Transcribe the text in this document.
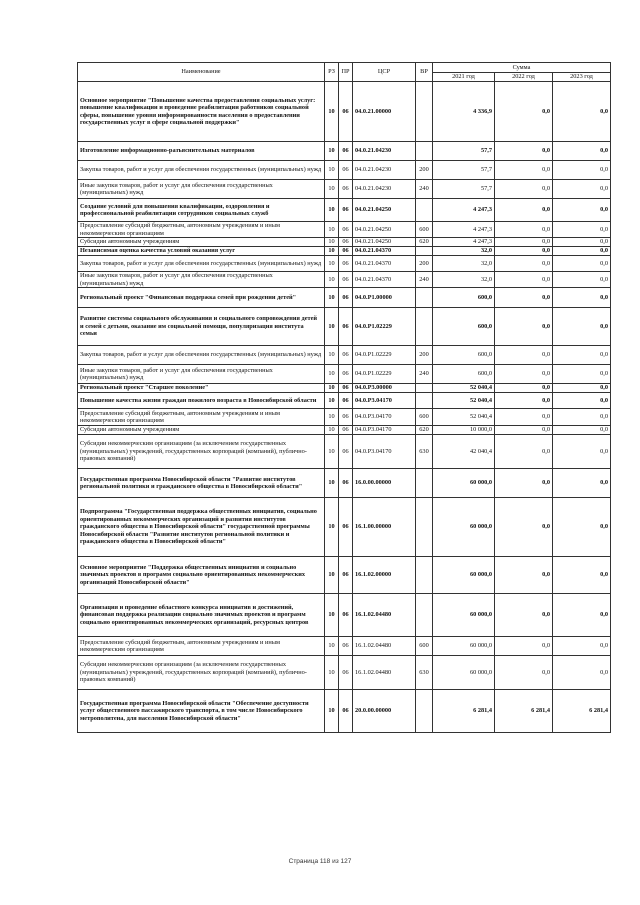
Наименование	РЗ	ПР	ЦСР	ВР	Сумма		
					2021 год	2022 год	2023 год
Основное мероприятие "Повышение качества предоставления социальных услуг: повышение квалификации и проведение реабилитации работников социальной сферы, повышение уровня информированности населения о предоставлении государственных услуг в сфере социальной поддержки"	10	06	04.0.21.00000		4 336,9	0,0	0,0
Изготовление информационно-разъяснительных материалов	10	06	04.0.21.04230		57,7	0,0	0,0
Закупка товаров, работ и услуг для обеспечения государственных (муниципальных) нужд	10	06	04.0.21.04230	200	57,7	0,0	0,0
Иные закупки товаров, работ и услуг для обеспечения государственных (муниципальных) нужд	10	06	04.0.21.04230	240	57,7	0,0	0,0
Создание условий для повышения квалификации, оздоровления и профессиональной реабилитации сотрудников социальных служб	10	06	04.0.21.04250		4 247,3	0,0	0,0
Предоставление субсидий бюджетным, автономным учреждениям и иным некоммерческим организациям	10	06	04.0.21.04250	600	4 247,3	0,0	0,0
Субсидии автономным учреждениям	10	06	04.0.21.04250	620	4 247,3	0,0	0,0
Независимая оценка качества условий оказания услуг	10	06	04.0.21.04370		32,0	0,0	0,0
Закупка товаров, работ и услуг для обеспечения государственных (муниципальных) нужд	10	06	04.0.21.04370	200	32,0	0,0	0,0
Иные закупки товаров, работ и услуг для обеспечения государственных (муниципальных) нужд	10	06	04.0.21.04370	240	32,0	0,0	0,0
Региональный проект "Финансовая поддержка семей при рождении детей"	10	06	04.0.P1.00000		600,0	0,0	0,0
Развитие системы социального обслуживания и социального сопровождения детей и семей с детьми, оказание им социальной помощи, популяризация института семьи	10	06	04.0.P1.02229		600,0	0,0	0,0
Закупка товаров, работ и услуг для обеспечения государственных (муниципальных) нужд	10	06	04.0.P1.02229	200	600,0	0,0	0,0
Иные закупки товаров, работ и услуг для обеспечения государственных (муниципальных) нужд	10	06	04.0.P1.02229	240	600,0	0,0	0,0
Региональный проект "Старшее поколение"	10	06	04.0.P3.00000		52 040,4	0,0	0,0
Повышение качества жизни граждан пожилого возраста в Новосибирской области	10	06	04.0.P3.04170		52 040,4	0,0	0,0
Предоставление субсидий бюджетным, автономным учреждениям и иным некоммерческим организациям	10	06	04.0.P3.04170	600	52 040,4	0,0	0,0
Субсидии автономным учреждениям	10	06	04.0.P3.04170	620	10 000,0	0,0	0,0
Субсидии некоммерческим организациям (за исключением государственных (муниципальных) учреждений, государственных корпораций (компаний), публично-правовых компаний)	10	06	04.0.P3.04170	630	42 040,4	0,0	0,0
Государственная программа Новосибирской области "Развитие институтов региональной политики и гражданского общества в Новосибирской области"	10	06	16.0.00.00000		60 000,0	0,0	0,0
Подпрограмма "Государственная поддержка общественных инициатив, социально ориентированных некоммерческих организаций и развития институтов гражданского общества в Новосибирской области" государственной программы Новосибирской области "Развитие институтов региональной политики и гражданского общества в Новосибирской области"	10	06	16.1.00.00000		60 000,0	0,0	0,0
Основное мероприятие "Поддержка общественных инициатив и социально значимых проектов в программ социально ориентированных некоммерческих организаций Новосибирской области"	10	06	16.1.02.00000		60 000,0	0,0	0,0
Организация и проведение областного конкурса инициатив и достижений, финансовая поддержка реализации социально значимых проектов и программ социально ориентированных некоммерческих организаций, ресурсных центров	10	06	16.1.02.04480		60 000,0	0,0	0,0
Предоставление субсидий бюджетным, автономным учреждениям и иным некоммерческим организациям	10	06	16.1.02.04480	600	60 000,0	0,0	0,0
Субсидии некоммерческим организациям (за исключением государственных (муниципальных) учреждений, государственных корпораций (компаний), публично-правовых компаний)	10	06	16.1.02.04480	630	60 000,0	0,0	0,0
Государственная программа Новосибирской области "Обеспечение доступности услуг общественного пассажирского транспорта, в том числе Новосибирского метрополитена, для населения Новосибирской области"	10	06	20.0.00.00000		6 281,4	6 281,4	6 281,4
Страница 118 из 127
